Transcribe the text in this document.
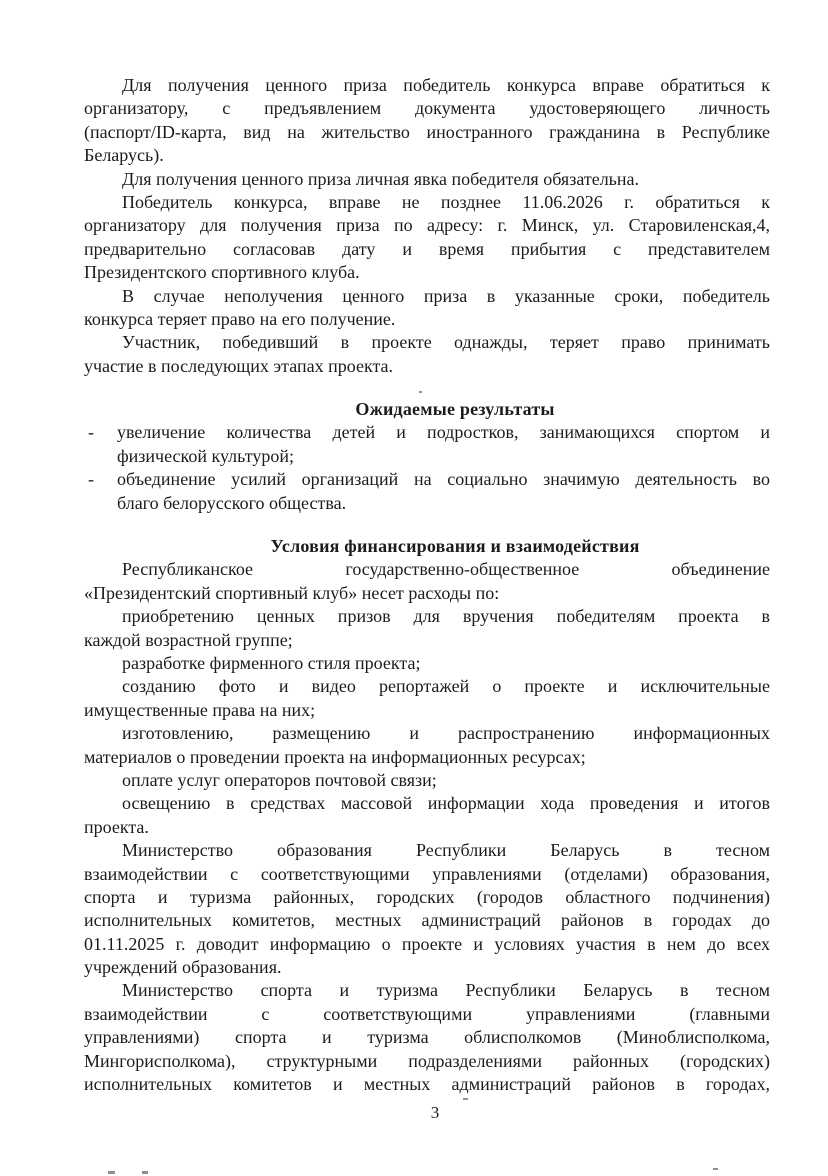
Для получения ценного приза победитель конкурса вправе обратиться к
организатору, с предъявлением документа удостоверяющего личность
(паспорт/ID-карта, вид на жительство иностранного гражданина в Республике
Беларусь).
Для получения ценного приза личная явка победителя обязательна.
Победитель конкурса, вправе не позднее 11.06.2026 г. обратиться к
организатору для получения приза по адресу: г. Минск, ул. Старовиленская,4,
предварительно согласовав дату и время прибытия с представителем
Президентского спортивного клуба.
В случае неполучения ценного приза в указанные сроки, победитель
конкурса теряет право на его получение.
Участник, победивший в проекте однажды, теряет право принимать
участие в последующих этапах проекта.
Ожидаемые результаты
- увеличение количества детей и подростков, занимающихся спортом и
физической культурой;
- объединение усилий организаций на социально значимую деятельность во
благо белорусского общества.
Условия финансирования и взаимодействия
Республиканское государственно-общественное объединение
«Президентский спортивный клуб» несет расходы по:
приобретению ценных призов для вручения победителям проекта в
каждой возрастной группе;
разработке фирменного стиля проекта;
созданию фото и видео репортажей о проекте и исключительные
имущественные права на них;
изготовлению, размещению и распространению информационных
материалов о проведении проекта на информационных ресурсах;
оплате услуг операторов почтовой связи;
освещению в средствах массовой информации хода проведения и итогов
проекта.
Министерство образования Республики Беларусь в тесном
взаимодействии с соответствующими управлениями (отделами) образования,
спорта и туризма районных, городских (городов областного подчинения)
исполнительных комитетов, местных администраций районов в городах до
01.11.2025 г. доводит информацию о проекте и условиях участия в нем до всех
учреждений образования.
Министерство спорта и туризма Республики Беларусь в тесном
взаимодействии с соответствующими управлениями (главными
управлениями) спорта и туризма облисполкомов (Миноблисполкома,
Мингорисполкома), структурными подразделениями районных (городских)
исполнительных комитетов и местных администраций районов в городах,
3
